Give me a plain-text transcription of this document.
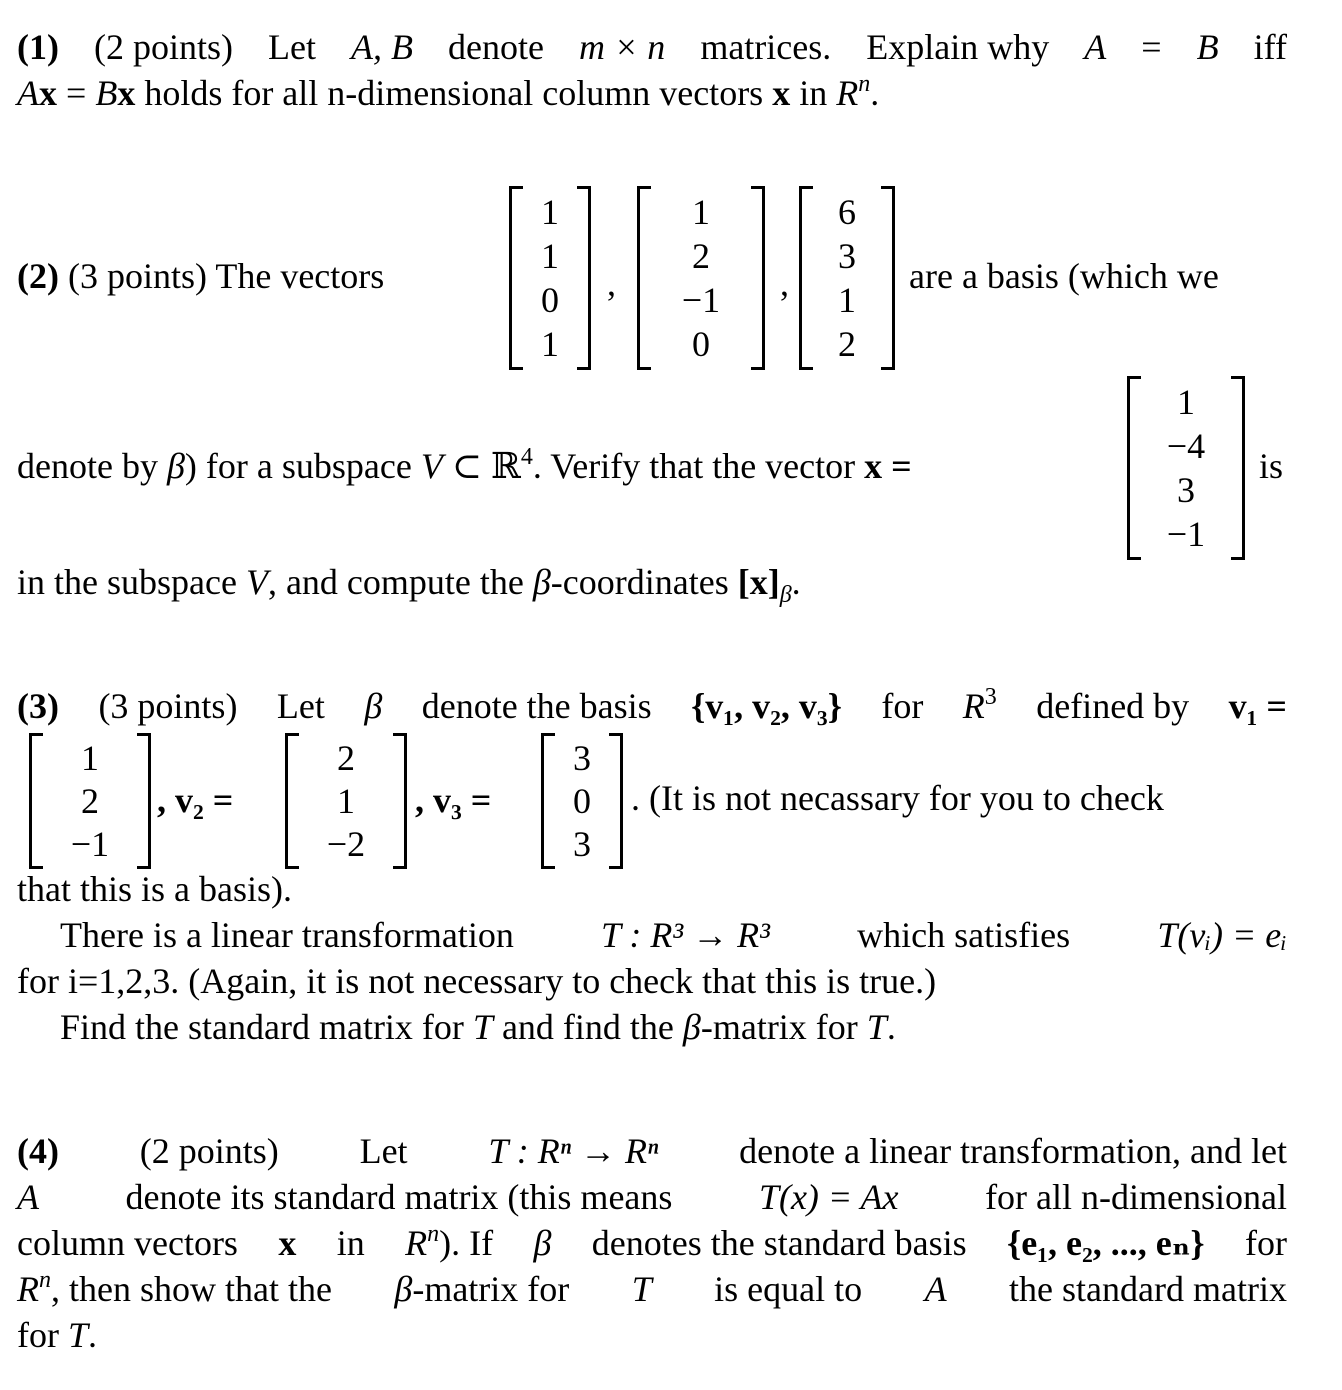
(1) (2 points) Let A, B denote m × n matrices. Explain why A = B iff
Ax = Bx holds for all n-dimensional column vectors x in $R^n$.
(2) (3 points) The vectors
1
1
0
1
,
1
2
−1
0
,
6
3
1
2
are a basis (which we
denote by β) for a subspace V ⊂ ℝ$^4$. Verify that the vector x =
1
−4
3
−1
is
in the subspace V, and compute the β-coordinates $[x]_\beta$.
(3) (3 points) Let β denote the basis {v₁, v₂, v₃} for $R^3$ defined by v₁ =
1
2
−1
, v₂ =
2
1
−2
, v₃ =
3
0
3
. (It is not necassary for you to check
that this is a basis).
There is a linear transformation T : R³ → R³ which satisfies T(vᵢ) = eᵢ
for i=1,2,3. (Again, it is not necessary to check that this is true.)
Find the standard matrix for T and find the β-matrix for T.
(4) (2 points) Let T : Rⁿ → Rⁿ denote a linear transformation, and let
A denote its standard matrix (this means T(x) = Ax for all n-dimensional
column vectors x in $R^n$). If β denotes the standard basis {e₁, e₂, ..., eₙ} for
$R^n$, then show that the β-matrix for T is equal to A the standard matrix
for T.
